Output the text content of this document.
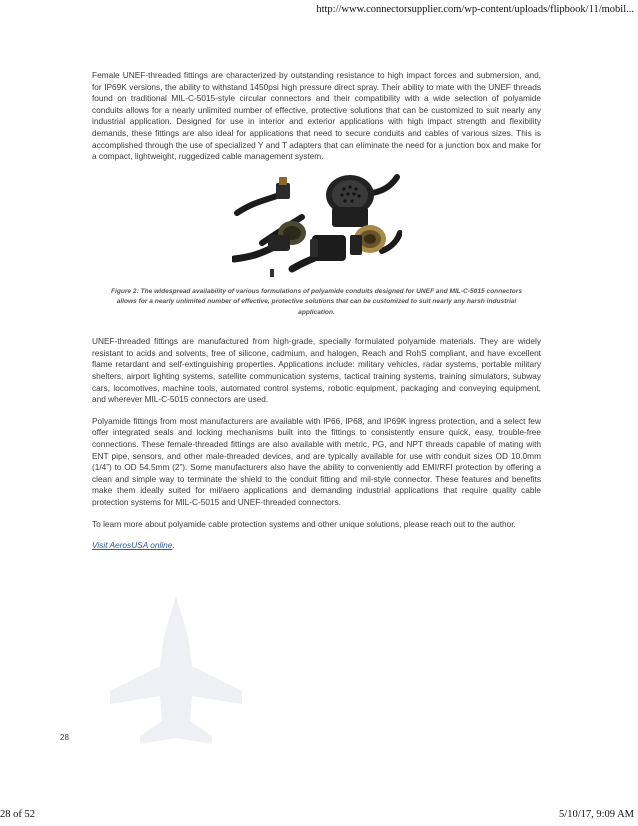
http://www.connectorsupplier.com/wp-content/uploads/flipbook/11/mobil...

Female UNEF-threaded fittings are characterized by outstanding resistance to high impact forces and submersion, and, for IP69K versions, the ability to withstand 1450psi high pressure direct spray. Their ability to mate with the UNEF threads found on traditional MIL-C-5015-style circular connectors and their compatibility with a wide selection of polyamide conduits allows for a nearly unlimited number of effective, protective solutions that can be customized to suit nearly any industrial application. Designed for use in interior and exterior applications with high impact strength and flexibility demands, these fittings are also ideal for applications that need to secure conduits and cables of various sizes. This is accomplished through the use of specialized Y and T adapters that can eliminate the need for a junction box and make for a compact, lightweight, ruggedized cable management system.

Figure 2: The widespread availability of various formulations of polyamide conduits designed for UNEF and MIL-C-5015 connectors allows for a nearly unlimited number of effective, protective solutions that can be customized to suit nearly any harsh industrial application.

UNEF-threaded fittings are manufactured from high-grade, specially formulated polyamide materials. They are widely resistant to acids and solvents, free of silicone, cadmium, and halogen, Reach and RohS compliant, and have excellent flame retardant and self-extinguishing properties. Applications include: military vehicles, radar systems, portable military shelters, airport lighting systems, satellite communication systems, tactical training systems, training simulators, subway cars, locomotives, machine tools, automated control systems, robotic equipment, packaging and conveying equipment, and wherever MIL-C-5015 connectors are used.

Polyamide fittings from most manufacturers are available with IP66, IP68, and IP69K ingress protection, and a select few offer integrated seals and locking mechanisms built into the fittings to consistently ensure quick, easy, trouble-free connections. These female-threaded fittings are also available with metric, PG, and NPT threads capable of mating with ENT pipe, sensors, and other male-threaded devices, and are typically available for use with conduit sizes OD 10.0mm (1/4”) to OD 54.5mm (2”). Some manufacturers also have the ability to conveniently add EMI/RFI protection by offering a clean and simple way to terminate the shield to the conduit fitting and mil-style connector. These features and benefits make them ideally suited for mil/aero applications and demanding industrial applications that require quality cable protection systems for MIL-C-5015 and UNEF-threaded connectors.

To learn more about polyamide cable protection systems and other unique solutions, please reach out to the author.

Visit AerosUSA online.

28
28 of 52	5/10/17, 9:09 AM
